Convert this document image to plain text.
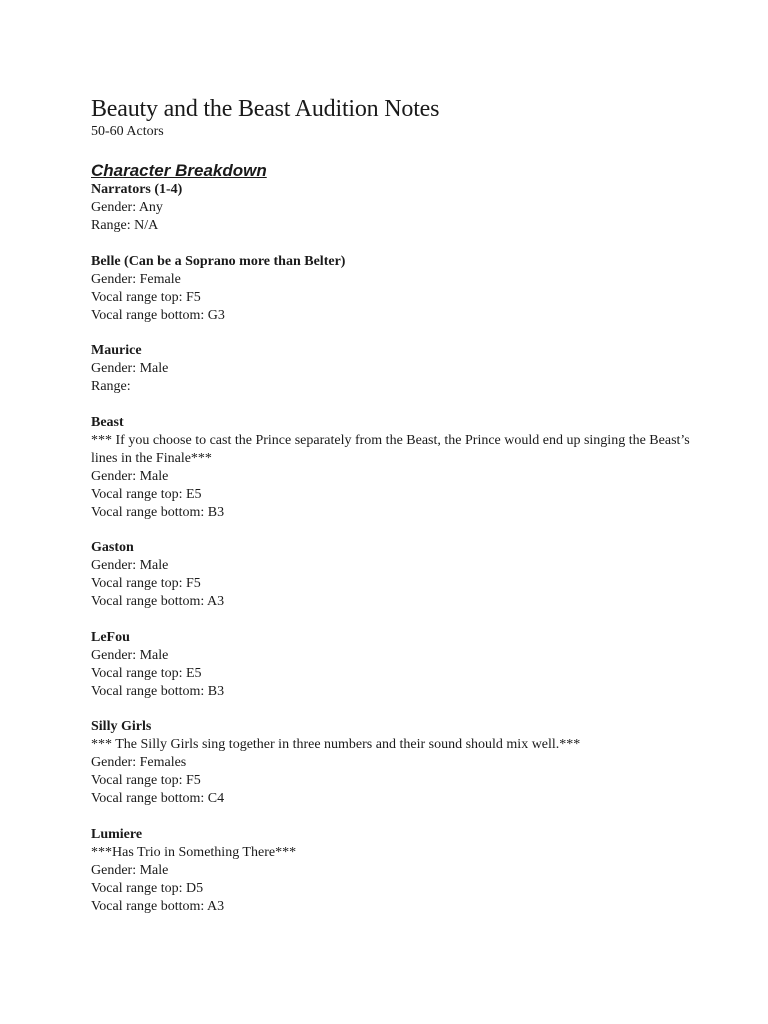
Beauty and the Beast Audition Notes

50-60 Actors

Character Breakdown

Narrators (1-4)

Gender: Any

Range: N/A

Belle (Can be a Soprano more than Belter)

Gender: Female

Vocal range top: F5

Vocal range bottom: G3

Maurice

Gender: Male

Range:

Beast

*** If you choose to cast the Prince separately from the Beast, the Prince would end up singing the Beast’s lines in the Finale***

Gender: Male

Vocal range top: E5

Vocal range bottom: B3

Gaston

Gender: Male

Vocal range top: F5

Vocal range bottom: A3

LeFou

Gender: Male

Vocal range top: E5

Vocal range bottom: B3

Silly Girls

*** The Silly Girls sing together in three numbers and their sound should mix well.***

Gender: Females

Vocal range top: F5

Vocal range bottom: C4

Lumiere

***Has Trio in Something There***

Gender: Male

Vocal range top: D5

Vocal range bottom: A3
